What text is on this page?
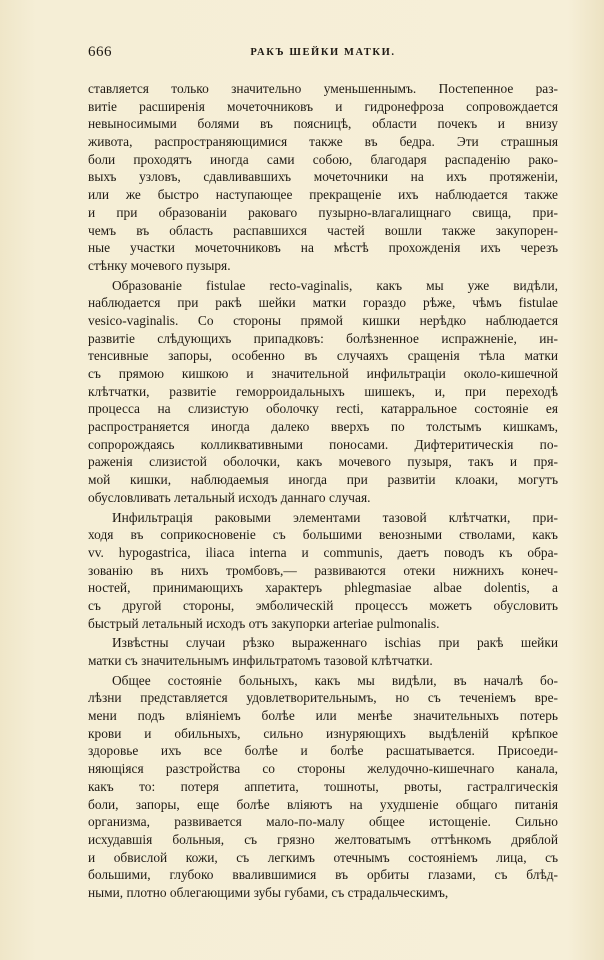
666	РАКЪ ШЕЙКИ МАТКИ.
ставляется только значительно уменьшеннымъ. Постепенное раз-
витіе расширенія мочеточниковъ и гидронефроза сопровождается
невыносимыми болями въ поясницѣ, области почекъ и внизу
живота, распространяющимися также въ бедра. Эти страшныя
боли проходятъ иногда сами собою, благодаря распаденію рако-
выхъ узловъ, сдавливавшихъ мочеточники на ихъ протяженіи,
или же быстро наступающее прекращеніе ихъ наблюдается также
и при образованіи раковаго пузырно-влагалищнаго свища, при-
чемъ въ область распавшихся частей вошли также закупорен-
ные участки мочеточниковъ на мѣстѣ прохожденія ихъ черезъ
стѣнку мочевого пузыря.
Образованіе fistulae recto-vaginalis, какъ мы уже видѣли,
наблюдается при ракѣ шейки матки гораздо рѣже, чѣмъ fistulae
vesico-vaginalis. Со стороны прямой кишки нерѣдко наблюдается
развитіе слѣдующихъ припадковъ: болѣзненное испражненіе, ин-
тенсивные запоры, особенно въ случаяхъ сращенія тѣла матки
съ прямою кишкою и значительной инфильтраціи около-кишечной
клѣтчатки, развитіе геморроидальныхъ шишекъ, и, при переходѣ
процесса на слизистую оболочку recti, катарральное состояніе ея
распространяется иногда далеко вверхъ по толстымъ кишкамъ,
сопророждаясь колликвативными поносами. Дифтеритическія по-
раженія слизистой оболочки, какъ мочевого пузыря, такъ и пря-
мой кишки, наблюдаемыя иногда при развитіи клоаки, могутъ
обусловливать летальный исходъ даннаго случая.
Инфильтрація раковыми элементами тазовой клѣтчатки, при-
ходя въ соприкосновеніе съ большими венозными стволами, какъ
vv. hypogastrica, iliaca interna и communis, даетъ поводъ къ обра-
зованію въ нихъ тромбовъ,— развиваются отеки нижнихъ конеч-
ностей, принимающихъ характеръ phlegmasiae albae dolentis, а
съ другой стороны, эмболическій процессъ можетъ обусловить
быстрый летальный исходъ отъ закупорки arteriae pulmonalis.
Извѣстны случаи рѣзко выраженнаго ischias при ракѣ шейки
матки съ значительнымъ инфильтратомъ тазовой клѣтчатки.
Общее состояніе больныхъ, какъ мы видѣли, въ началѣ бо-
лѣзни представляется удовлетворительнымъ, но съ теченіемъ вре-
мени подъ вліяніемъ болѣе или менѣе значительныхъ потерь
крови и обильныхъ, сильно изнуряющихъ выдѣленій крѣпкое
здоровье ихъ все болѣе и болѣе расшатывается. Присоеди-
няющіяся разстройства со стороны желудочно-кишечнаго канала,
какъ то: потеря аппетита, тошноты, рвоты, гастралгическія
боли, запоры, еще болѣе вліяютъ на ухудшеніе общаго питанія
организма, развивается мало-по-малу общее истощеніе. Сильно
исхудавшія больныя, съ грязно желтоватымъ оттѣнкомъ дряблой
и обвислой кожи, съ легкимъ отечнымъ состояніемъ лица, съ
большими, глубоко ввалившимися въ орбиты глазами, съ блѣд-
ными, плотно облегающими зубы губами, съ страдальческимъ,
